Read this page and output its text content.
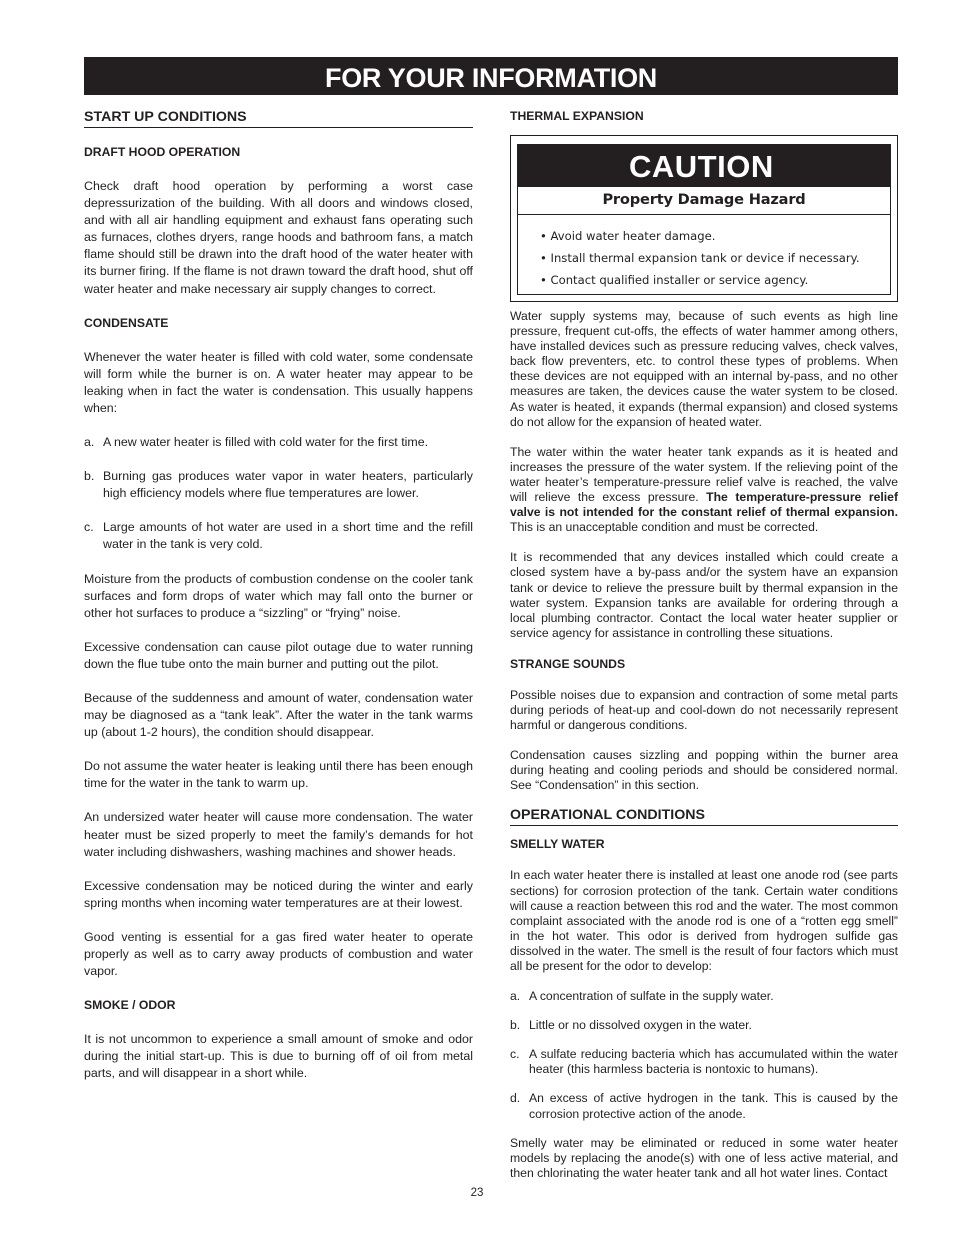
FOR YOUR INFORMATION
START UP CONDITIONS
DRAFT HOOD OPERATION

Check draft hood operation by performing a worst case depressurization of the building. With all doors and windows closed, and with all air handling equipment and exhaust fans operating such as furnaces, clothes dryers, range hoods and bathroom fans, a match flame should still be drawn into the draft hood of the water heater with its burner firing. If the flame is not drawn toward the draft hood, shut off water heater and make necessary air supply changes to correct.

CONDENSATE

Whenever the water heater is filled with cold water, some condensate will form while the burner is on. A water heater may appear to be leaking when in fact the water is condensation. This usually happens when:

a. A new water heater is filled with cold water for the first time.
b. Burning gas produces water vapor in water heaters, particularly high efficiency models where flue temperatures are lower.
c. Large amounts of hot water are used in a short time and the refill water in the tank is very cold.

Moisture from the products of combustion condense on the cooler tank surfaces and form drops of water which may fall onto the burner or other hot surfaces to produce a “sizzling” or “frying” noise.

Excessive condensation can cause pilot outage due to water running down the flue tube onto the main burner and putting out the pilot.

Because of the suddenness and amount of water, condensation water may be diagnosed as a “tank leak”. After the water in the tank warms up (about 1-2 hours), the condition should disappear.

Do not assume the water heater is leaking until there has been enough time for the water in the tank to warm up.

An undersized water heater will cause more condensation. The water heater must be sized properly to meet the family’s demands for hot water including dishwashers, washing machines and shower heads.

Excessive condensation may be noticed during the winter and early spring months when incoming water temperatures are at their lowest.

Good venting is essential for a gas fired water heater to operate properly as well as to carry away products of combustion and water vapor.

SMOKE / ODOR

It is not uncommon to experience a small amount of smoke and odor during the initial start-up. This is due to burning off of oil from metal parts, and will disappear in a short while.

THERMAL EXPANSION
CAUTION
Property Damage Hazard
• Avoid water heater damage.
• Install thermal expansion tank or device if necessary.
• Contact qualified installer or service agency.

Water supply systems may, because of such events as high line pressure, frequent cut-offs, the effects of water hammer among others, have installed devices such as pressure reducing valves, check valves, back flow preventers, etc. to control these types of problems. When these devices are not equipped with an internal by-pass, and no other measures are taken, the devices cause the water system to be closed. As water is heated, it expands (thermal expansion) and closed systems do not allow for the expansion of heated water.

The water within the water heater tank expands as it is heated and increases the pressure of the water system. If the relieving point of the water heater’s temperature-pressure relief valve is reached, the valve will relieve the excess pressure. The temperature-pressure relief valve is not intended for the constant relief of thermal expansion. This is an unacceptable condition and must be corrected.

It is recommended that any devices installed which could create a closed system have a by-pass and/or the system have an expansion tank or device to relieve the pressure built by thermal expansion in the water system. Expansion tanks are available for ordering through a local plumbing contractor. Contact the local water heater supplier or service agency for assistance in controlling these situations.

STRANGE SOUNDS

Possible noises due to expansion and contraction of some metal parts during periods of heat-up and cool-down do not necessarily represent harmful or dangerous conditions.

Condensation causes sizzling and popping within the burner area during heating and cooling periods and should be considered normal. See “Condensation” in this section.

OPERATIONAL CONDITIONS
SMELLY WATER

In each water heater there is installed at least one anode rod (see parts sections) for corrosion protection of the tank. Certain water conditions will cause a reaction between this rod and the water. The most common complaint associated with the anode rod is one of a “rotten egg smell” in the hot water. This odor is derived from hydrogen sulfide gas dissolved in the water. The smell is the result of four factors which must all be present for the odor to develop:

a. A concentration of sulfate in the supply water.
b. Little or no dissolved oxygen in the water.
c. A sulfate reducing bacteria which has accumulated within the water heater (this harmless bacteria is nontoxic to humans).
d. An excess of active hydrogen in the tank. This is caused by the corrosion protective action of the anode.

Smelly water may be eliminated or reduced in some water heater models by replacing the anode(s) with one of less active material, and then chlorinating the water heater tank and all hot water lines. Contact

23
